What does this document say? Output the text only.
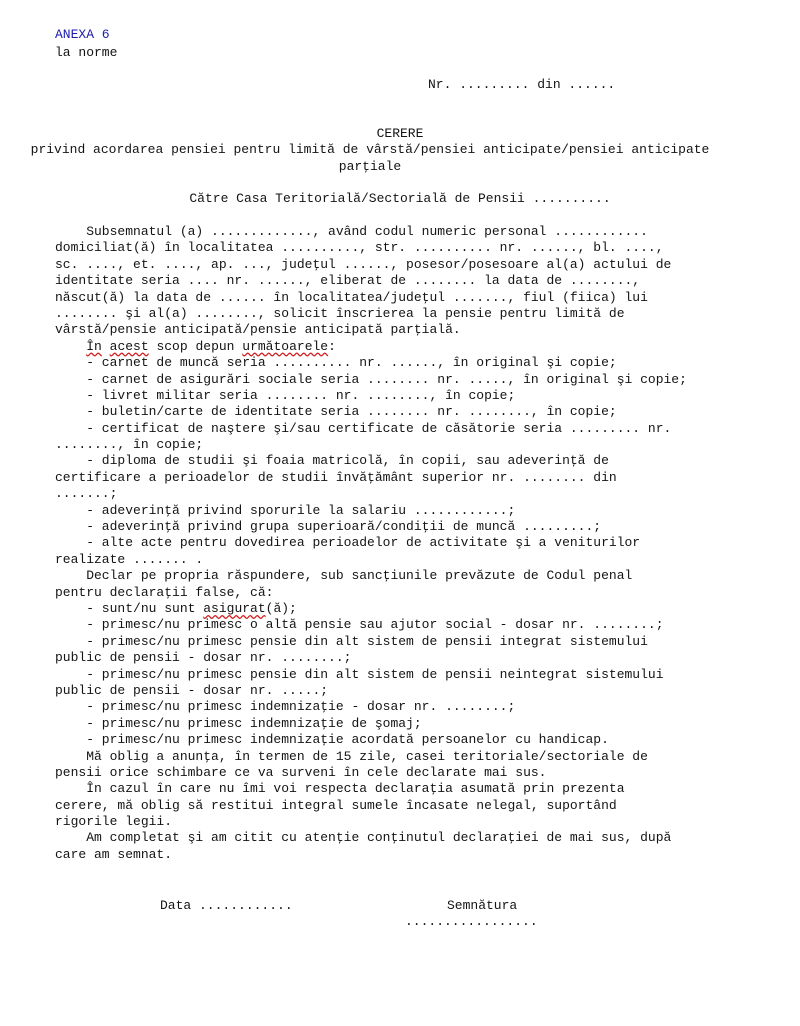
ANEXA 6
la norme
Nr. ......... din ......
CERERE
privind acordarea pensiei pentru limită de vârstă/pensiei anticipate/pensiei anticipate parţiale
Către Casa Teritorială/Sectorială de Pensii ..........
Subsemnatul (a) ............., având codul numeric personal ............
domiciliat(ă) în localitatea .........., str. .......... nr. ......, bl. ....,
sc. ...., et. ...., ap. ..., judeţul ......, posesor/posesoare al(a) actului de
identitate seria .... nr. ......, eliberat de ........ la data de ........,
născut(ă) la data de ...... în localitatea/judeţul ......., fiul (fiica) lui
........ şi al(a) ........, solicit înscrierea la pensie pentru limită de
vârstă/pensie anticipată/pensie anticipată parţială.
În acest scop depun următoarele:
- carnet de muncă seria .......... nr. ......, în original şi copie;
- carnet de asigurări sociale seria ........ nr. ....., în original şi copie;
- livret militar seria ........ nr. ........, în copie;
- buletin/carte de identitate seria ........ nr. ........, în copie;
- certificat de naştere şi/sau certificate de căsătorie seria ......... nr.
........, în copie;
- diploma de studii şi foaia matricolă, în copii, sau adeverinţă de
certificare a perioadelor de studii învăţământ superior nr. ........ din
.......;
- adeverinţă privind sporurile la salariu ............;
- adeverinţă privind grupa superioară/condiţii de muncă .........;
- alte acte pentru dovedirea perioadelor de activitate şi a veniturilor
realizate ....... .
Declar pe propria răspundere, sub sancţiunile prevăzute de Codul penal
pentru declaraţii false, că:
- sunt/nu sunt asigurat(ă);
- primesc/nu primesc o altă pensie sau ajutor social - dosar nr. ........;
- primesc/nu primesc pensie din alt sistem de pensii integrat sistemului
public de pensii - dosar nr. ........;
- primesc/nu primesc pensie din alt sistem de pensii neintegrat sistemului
public de pensii - dosar nr. .....;
- primesc/nu primesc indemnizaţie - dosar nr. ........;
- primesc/nu primesc indemnizaţie de şomaj;
- primesc/nu primesc indemnizaţie acordată persoanelor cu handicap.
Mă oblig a anunţa, în termen de 15 zile, casei teritoriale/sectoriale de
pensii orice schimbare ce va surveni în cele declarate mai sus.
În cazul în care nu îmi voi respecta declaraţia asumată prin prezenta
cerere, mă oblig să restitui integral sumele încasate nelegal, suportând
rigorile legii.
Am completat şi am citit cu atenţie conţinutul declaraţiei de mai sus, după
care am semnat.
Data ............	Semnătura
.................
